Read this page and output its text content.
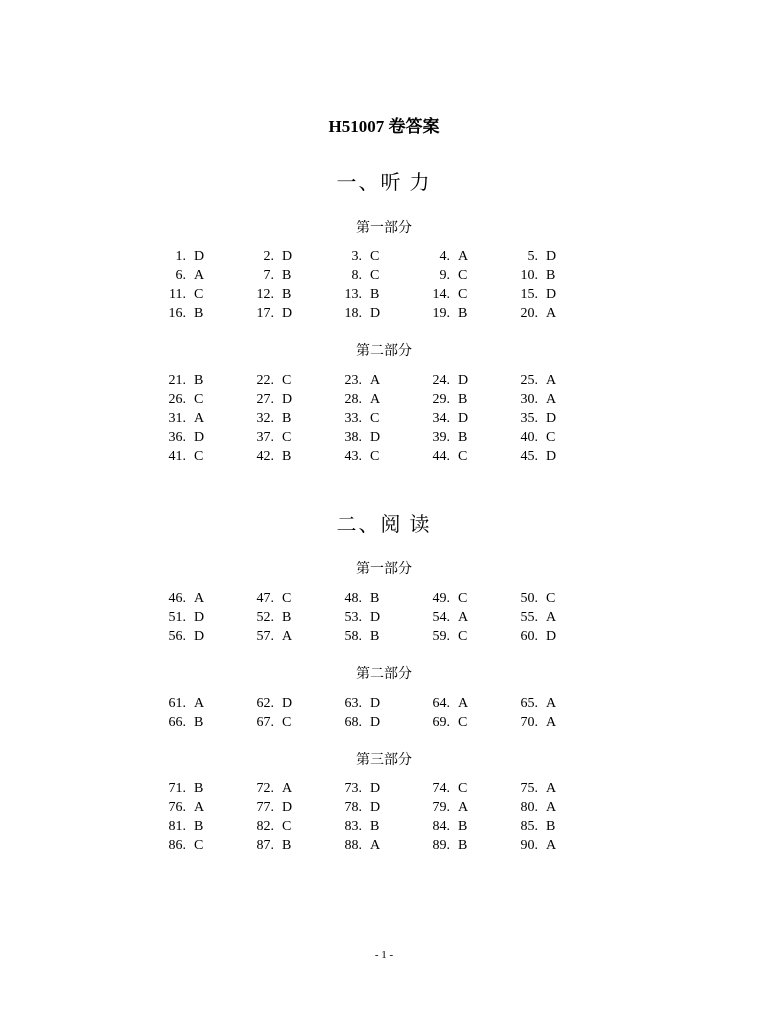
H51007 卷答案
一、听 力
第一部分
1. D	2. D	3. C	4. A	5. D
6. A	7. B	8. C	9. C	10. B
11. C	12. B	13. B	14. C	15. D
16. B	17. D	18. D	19. B	20. A
第二部分
21. B	22. C	23. A	24. D	25. A
26. C	27. D	28. A	29. B	30. A
31. A	32. B	33. C	34. D	35. D
36. D	37. C	38. D	39. B	40. C
41. C	42. B	43. C	44. C	45. D
二、阅 读
第一部分
46. A	47. C	48. B	49. C	50. C
51. D	52. B	53. D	54. A	55. A
56. D	57. A	58. B	59. C	60. D
第二部分
61. A	62. D	63. D	64. A	65. A
66. B	67. C	68. D	69. C	70. A
第三部分
71. B	72. A	73. D	74. C	75. A
76. A	77. D	78. D	79. A	80. A
81. B	82. C	83. B	84. B	85. B
86. C	87. B	88. A	89. B	90. A
- 1 -
